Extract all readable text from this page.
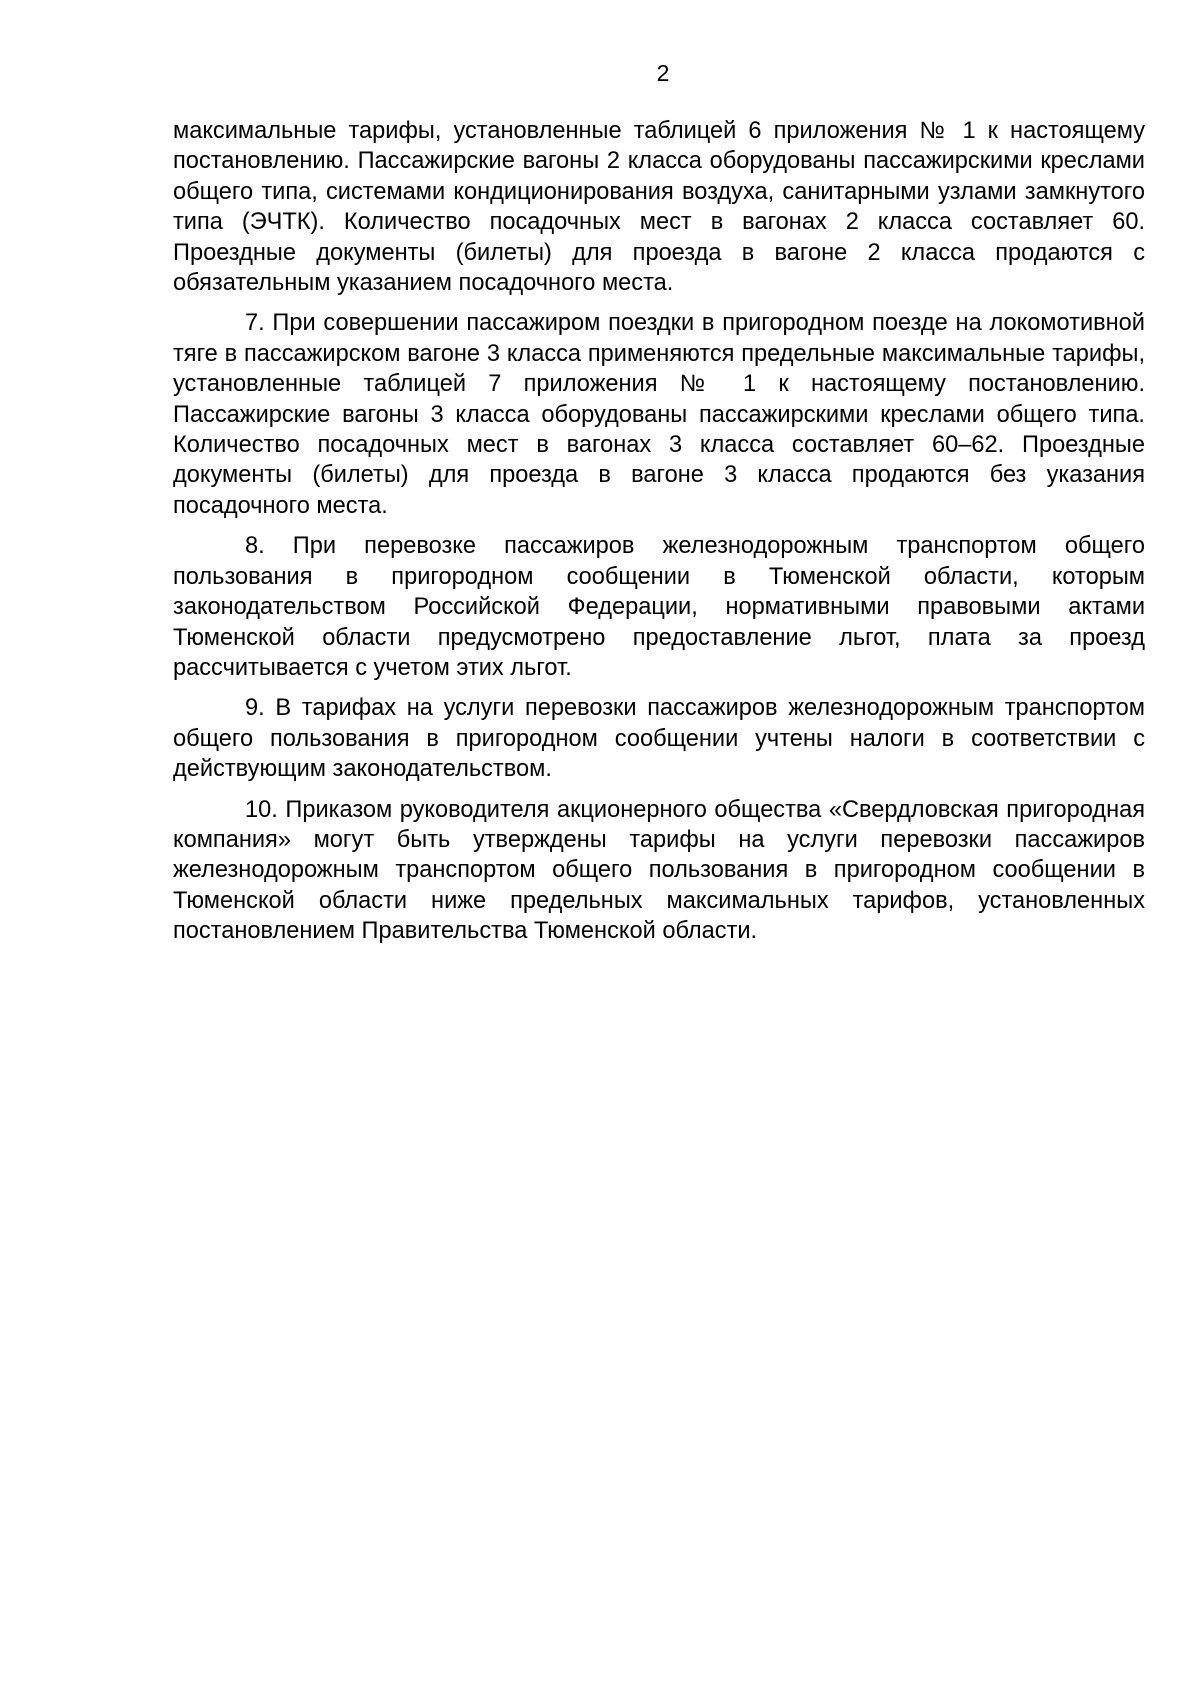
2

максимальные тарифы, установленные таблицей 6 приложения № 1 к настоящему постановлению. Пассажирские вагоны 2 класса оборудованы пассажирскими креслами общего типа, системами кондиционирования воздуха, санитарными узлами замкнутого типа (ЭЧТК). Количество посадочных мест в вагонах 2 класса составляет 60. Проездные документы (билеты) для проезда в вагоне 2 класса продаются с обязательным указанием посадочного места.

7. При совершении пассажиром поездки в пригородном поезде на локомотивной тяге в пассажирском вагоне 3 класса применяются предельные максимальные тарифы, установленные таблицей 7 приложения № 1 к настоящему постановлению. Пассажирские вагоны 3 класса оборудованы пассажирскими креслами общего типа. Количество посадочных мест в вагонах 3 класса составляет 60–62. Проездные документы (билеты) для проезда в вагоне 3 класса продаются без указания посадочного места.

8. При перевозке пассажиров железнодорожным транспортом общего пользования в пригородном сообщении в Тюменской области, которым законодательством Российской Федерации, нормативными правовыми актами Тюменской области предусмотрено предоставление льгот, плата за проезд рассчитывается с учетом этих льгот.

9. В тарифах на услуги перевозки пассажиров железнодорожным транспортом общего пользования в пригородном сообщении учтены налоги в соответствии с действующим законодательством.

10. Приказом руководителя акционерного общества «Свердловская пригородная компания» могут быть утверждены тарифы на услуги перевозки пассажиров железнодорожным транспортом общего пользования в пригородном сообщении в Тюменской области ниже предельных максимальных тарифов, установленных постановлением Правительства Тюменской области.
